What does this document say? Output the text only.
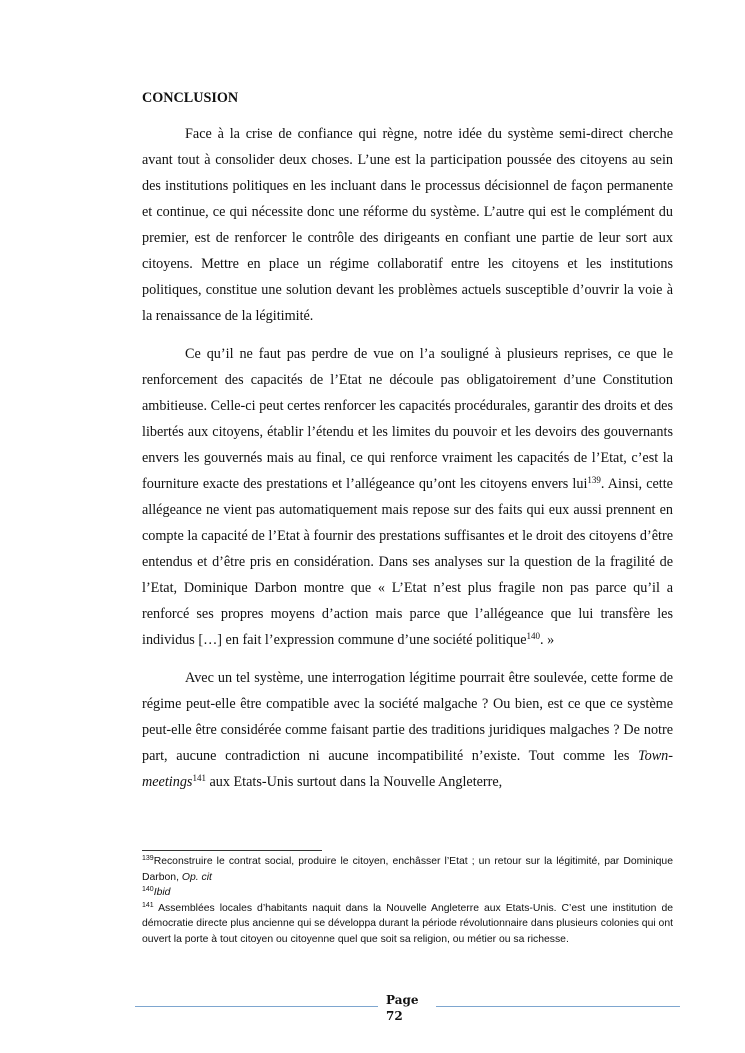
CONCLUSION

Face à la crise de confiance qui règne, notre idée du système semi-direct cherche avant tout à consolider deux choses. L’une est la participation poussée des citoyens au sein des institutions politiques en les incluant dans le processus décisionnel de façon permanente et continue, ce qui nécessite donc une réforme du système. L’autre qui est le complément du premier, est de renforcer le contrôle des dirigeants en confiant une partie de leur sort aux citoyens. Mettre en place un régime collaboratif entre les citoyens et les institutions politiques, constitue une solution devant les problèmes actuels susceptible d’ouvrir la voie à la renaissance de la légitimité.

Ce qu’il ne faut pas perdre de vue on l’a souligné à plusieurs reprises, ce que le renforcement des capacités de l’Etat ne découle pas obligatoirement d’une Constitution ambitieuse. Celle-ci peut certes renforcer les capacités procédurales, garantir des droits et des libertés aux citoyens, établir l’étendu et les limites du pouvoir et les devoirs des gouvernants envers les gouvernés mais au final, ce qui renforce vraiment les capacités de l’Etat, c’est la fourniture exacte des prestations et l’allégeance qu’ont les citoyens envers lui$^{139}$. Ainsi, cette allégeance ne vient pas automatiquement mais repose sur des faits qui eux aussi prennent en compte la capacité de l’Etat à fournir des prestations suffisantes et le droit des citoyens d’être entendus et d’être pris en considération. Dans ses analyses sur la question de la fragilité de l’Etat, Dominique Darbon montre que « L’Etat n’est plus fragile non pas parce qu’il a renforcé ses propres moyens d’action mais parce que l’allégeance que lui transfère les individus […] en fait l’expression commune d’une société politique$^{140}$. »

Avec un tel système, une interrogation légitime pourrait être soulevée, cette forme de régime peut-elle être compatible avec la société malgache ? Ou bien, est ce que ce système peut-elle être considérée comme faisant partie des traditions juridiques malgaches ? De notre part, aucune contradiction ni aucune incompatibilité n’existe. Tout comme les Town-meetings$^{141}$ aux Etats-Unis surtout dans la Nouvelle Angleterre,

$^{139}$Reconstruire le contrat social, produire le citoyen, enchâsser l’Etat ; un retour sur la légitimité, par Dominique Darbon, Op. cit

$^{140}$Ibid

$^{141}$ Assemblées locales d’habitants naquit dans la Nouvelle Angleterre aux Etats-Unis. C’est une institution de démocratie directe plus ancienne qui se développa durant la période révolutionnaire dans plusieurs colonies qui ont ouvert la porte à tout citoyen ou citoyenne quel que soit sa religion, ou métier ou sa richesse.

Page
72
